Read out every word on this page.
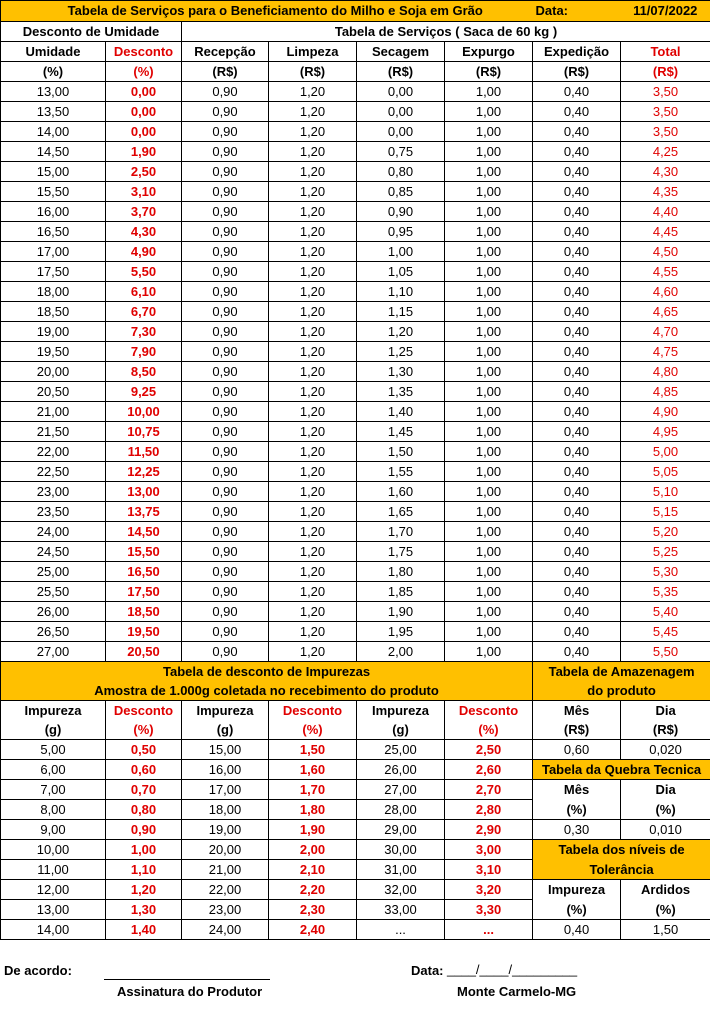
Tabela de Serviços para o Beneficiamento do Milho e Soja em Grão						Data:	11/07/2022
Desconto de Umidade		Tabela de Serviços ( Saca de 60 kg )					
Umidade	Desconto	Recepção	Limpeza	Secagem	Expurgo	Expedição	Total
(%)	(%)	(R$)	(R$)	(R$)	(R$)	(R$)	(R$)
13,00	0,00	0,90	1,20	0,00	1,00	0,40	3,50
13,50	0,00	0,90	1,20	0,00	1,00	0,40	3,50
14,00	0,00	0,90	1,20	0,00	1,00	0,40	3,50
14,50	1,90	0,90	1,20	0,75	1,00	0,40	4,25
15,00	2,50	0,90	1,20	0,80	1,00	0,40	4,30
15,50	3,10	0,90	1,20	0,85	1,00	0,40	4,35
16,00	3,70	0,90	1,20	0,90	1,00	0,40	4,40
16,50	4,30	0,90	1,20	0,95	1,00	0,40	4,45
17,00	4,90	0,90	1,20	1,00	1,00	0,40	4,50
17,50	5,50	0,90	1,20	1,05	1,00	0,40	4,55
18,00	6,10	0,90	1,20	1,10	1,00	0,40	4,60
18,50	6,70	0,90	1,20	1,15	1,00	0,40	4,65
19,00	7,30	0,90	1,20	1,20	1,00	0,40	4,70
19,50	7,90	0,90	1,20	1,25	1,00	0,40	4,75
20,00	8,50	0,90	1,20	1,30	1,00	0,40	4,80
20,50	9,25	0,90	1,20	1,35	1,00	0,40	4,85
21,00	10,00	0,90	1,20	1,40	1,00	0,40	4,90
21,50	10,75	0,90	1,20	1,45	1,00	0,40	4,95
22,00	11,50	0,90	1,20	1,50	1,00	0,40	5,00
22,50	12,25	0,90	1,20	1,55	1,00	0,40	5,05
23,00	13,00	0,90	1,20	1,60	1,00	0,40	5,10
23,50	13,75	0,90	1,20	1,65	1,00	0,40	5,15
24,00	14,50	0,90	1,20	1,70	1,00	0,40	5,20
24,50	15,50	0,90	1,20	1,75	1,00	0,40	5,25
25,00	16,50	0,90	1,20	1,80	1,00	0,40	5,30
25,50	17,50	0,90	1,20	1,85	1,00	0,40	5,35
26,00	18,50	0,90	1,20	1,90	1,00	0,40	5,40
26,50	19,50	0,90	1,20	1,95	1,00	0,40	5,45
27,00	20,50	0,90	1,20	2,00	1,00	0,40	5,50
Tabela de desconto de Impurezas						Tabela de Amazenagem	
Amostra de 1.000g coletada no recebimento do produto						do produto	
Impureza	Desconto	Impureza	Desconto	Impureza	Desconto	Mês	Dia
(g)	(%)	(g)	(%)	(g)	(%)	(R$)	(R$)
5,00	0,50	15,00	1,50	25,00	2,50	0,60	0,020
6,00	0,60	16,00	1,60	26,00	2,60	Tabela da Quebra Tecnica	
7,00	0,70	17,00	1,70	27,00	2,70	Mês	Dia
8,00	0,80	18,00	1,80	28,00	2,80	(%)	(%)
9,00	0,90	19,00	1,90	29,00	2,90	0,30	0,010
10,00	1,00	20,00	2,00	30,00	3,00	Tabela dos níveis de	
11,00	1,10	21,00	2,10	31,00	3,10	Tolerância	
12,00	1,20	22,00	2,20	32,00	3,20	Impureza	Ardidos
13,00	1,30	23,00	2,30	33,00	3,30	(%)	(%)
14,00	1,40	24,00	2,40	...	...	0,40	1,50
De acordo:
Assinatura do Produtor
Data: ____/____/_________
Monte Carmelo-MG
